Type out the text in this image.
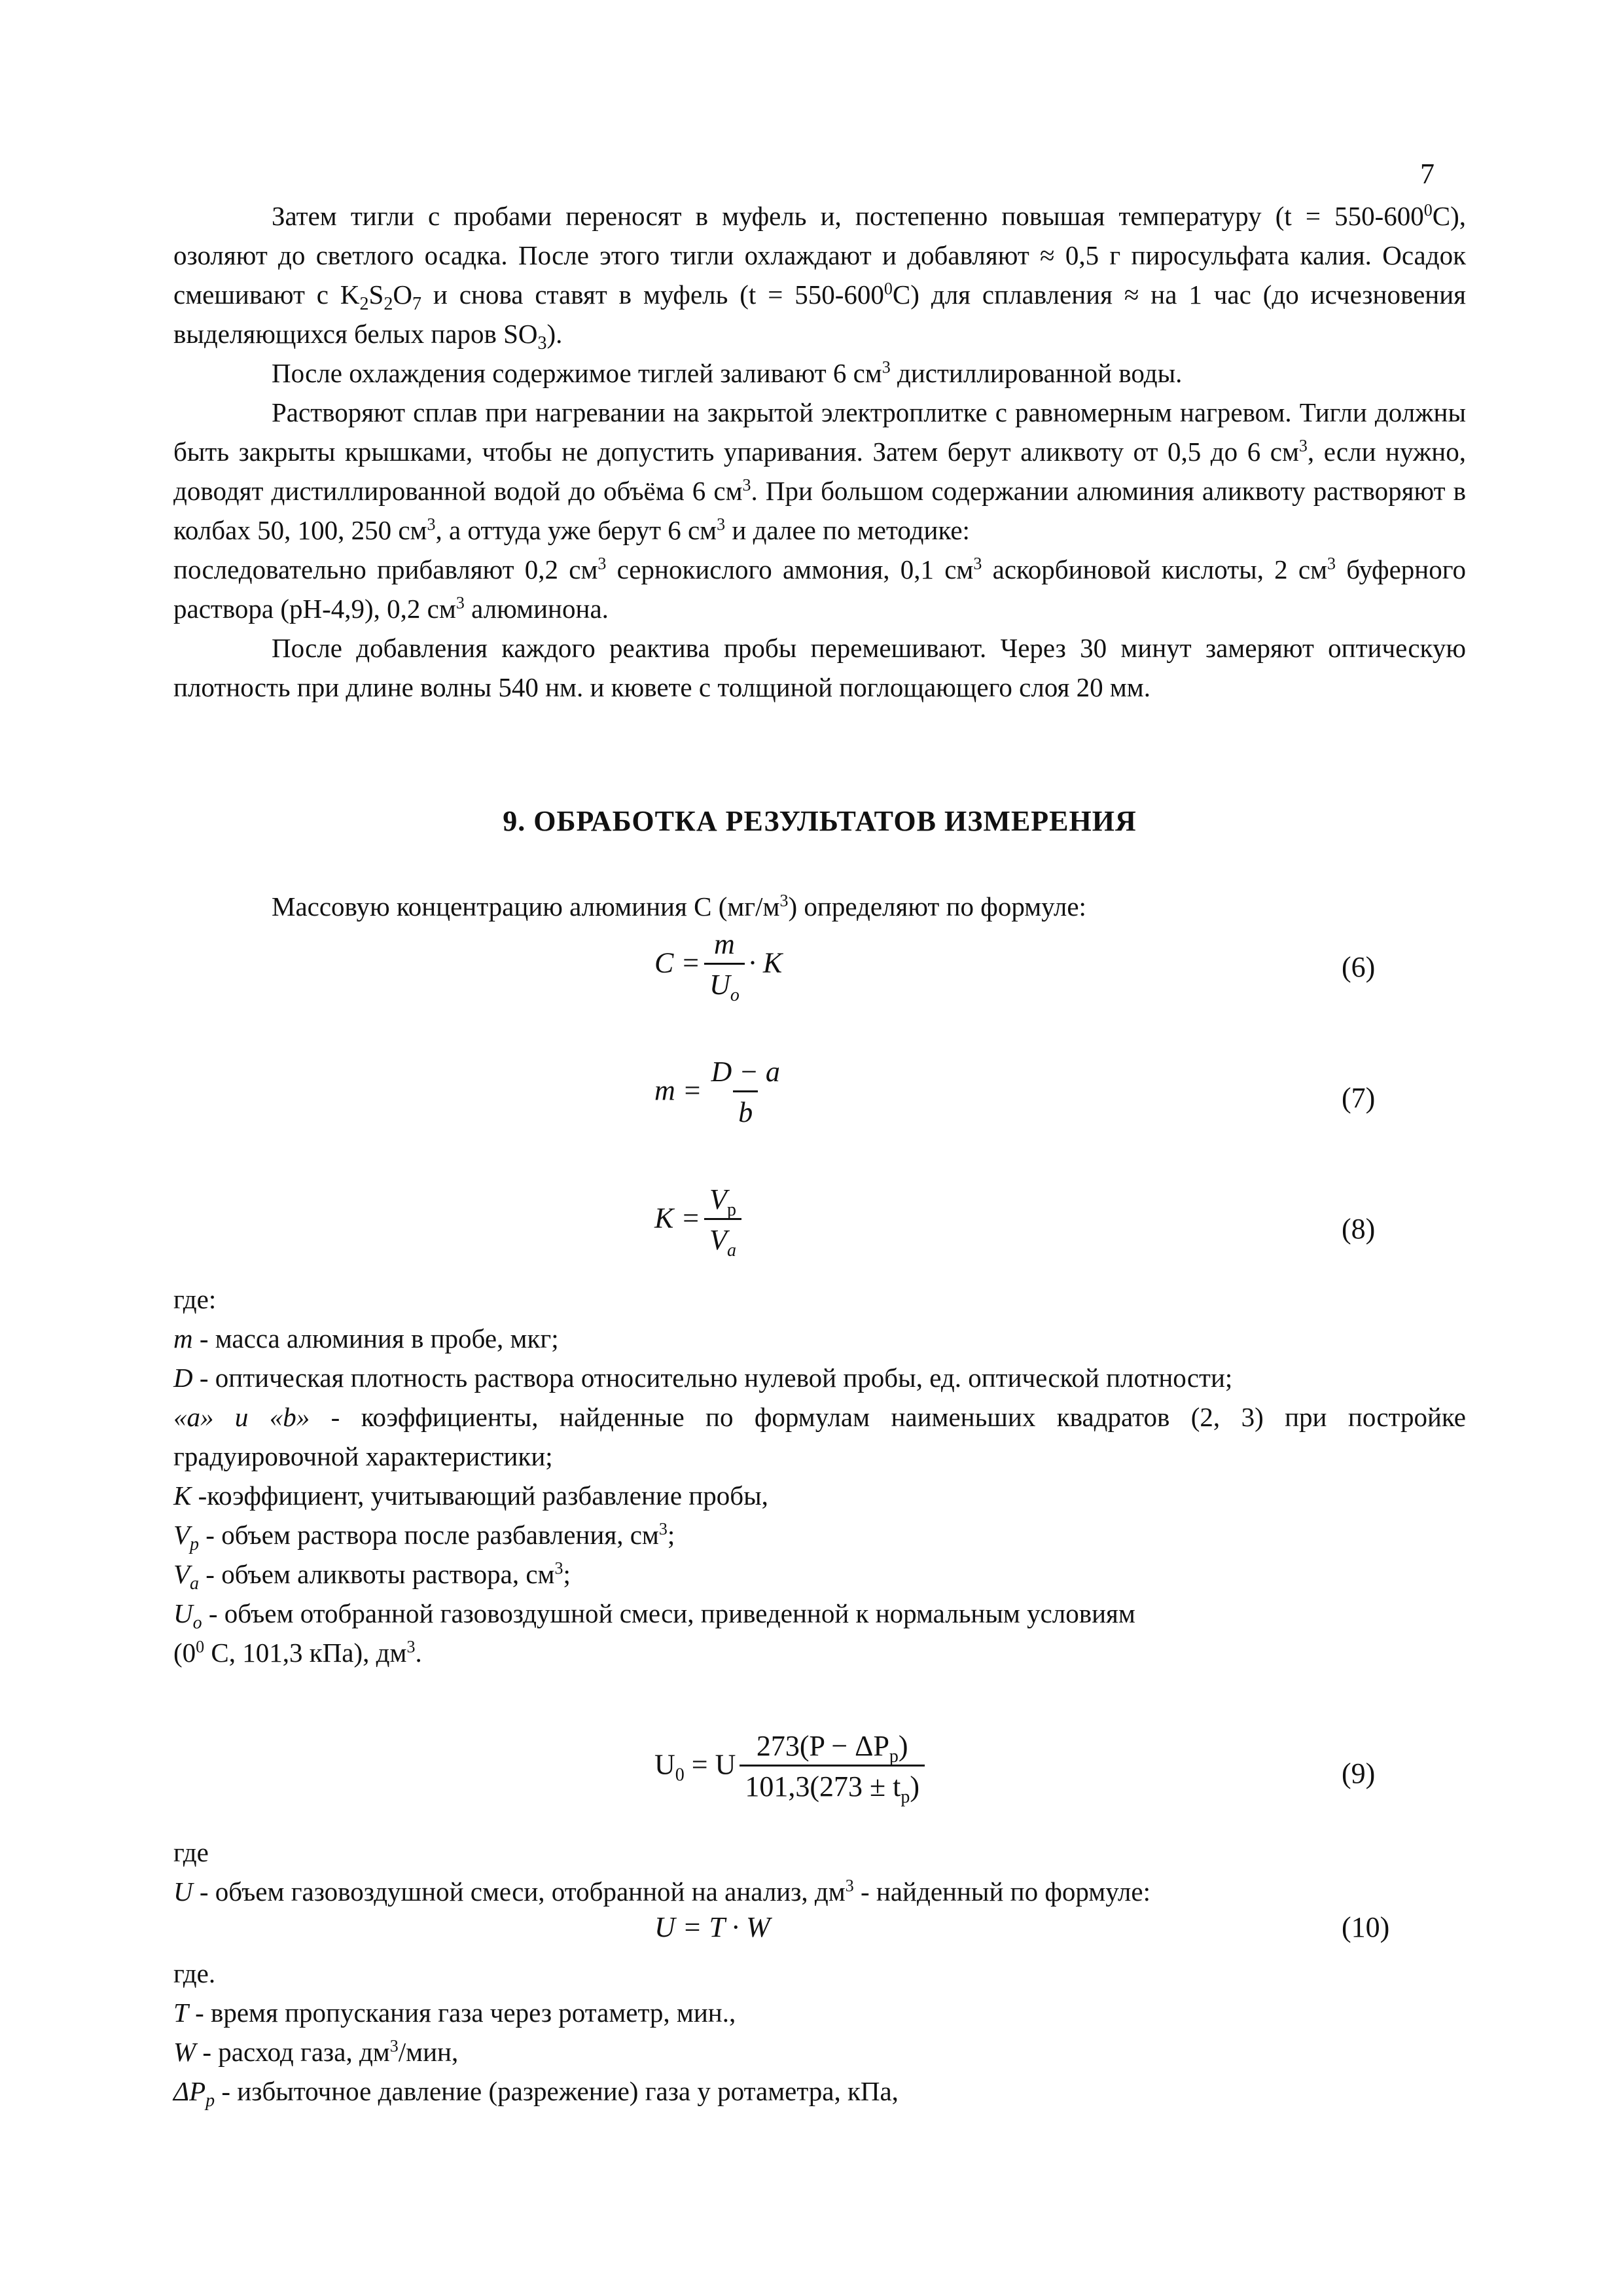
7

Затем тигли с пробами переносят в муфель и, постепенно повышая температуру $(t = 550-600^0C)$, озоляют до светлого осадка. После этого тигли охлаждают и добавляют ≈ 0,5 г пиросульфата калия. Осадок смешивают с $K_2S_2O_7$ и снова ставят в муфель $(t = 550-600^0C)$ для сплавления ≈ на 1 час (до исчезновения выделяющихся белых паров $SO_3$).

После охлаждения содержимое тиглей заливают 6 $см^3$ дистиллированной воды.

Растворяют сплав при нагревании на закрытой электроплитке с равномерным нагревом. Тигли должны быть закрыты крышками, чтобы не допустить упаривания. Затем берут аликвоту от 0,5 до 6 $см^3$, если нужно, доводят дистиллированной водой до объёма 6 $см^3$. При большом содержании алюминия аликвоту растворяют в колбах 50, 100, 250 $см^3$, а оттуда уже берут 6 $см^3$ и далее по методике:

последовательно прибавляют 0,2 $см^3$ сернокислого аммония, 0,1 $см^3$ аскорбиновой кислоты, 2 $см^3$ буферного раствора (рН-4,9), 0,2 $см^3$ алюминона.

После добавления каждого реактива пробы перемешивают. Через 30 минут замеряют оптическую плотность при длине волны 540 нм. и кювете с толщиной поглощающего слоя 20 мм.

9. ОБРАБОТКА РЕЗУЛЬТАТОВ ИЗМЕРЕНИЯ
Массовую концентрацию алюминия С $(мг/м^3)$ определяют по формуле:
$C = \frac{m}{U_o} \cdot K$	(6)
$m = \frac{D - a}{b}$	(7)
$K = \frac{V_p}{V_a}$	(8)

где:

m - масса алюминия в пробе, мкг;

D - оптическая плотность раствора относительно нулевой пробы, ед. оптической плотности;

«а» и «b» - коэффициенты, найденные по формулам наименьших квадратов (2, 3) при постройке градуировочной характеристики;

K -коэффициент, учитывающий разбавление пробы,

$V_p$ - объем раствора после разбавления, $см^3$;

$V_a$ - объем аликвоты раствора, $см^3$;

$U_o$ - объем отобранной газовоздушной смеси, приведенной к нормальным условиям

($0^0$ С, 101,3 кПа), $дм^3$.

$U_0 = U \frac{273(P - \Delta P_p)}{101,3(273 \pm t_p)}$	(9)

где

U - объем газовоздушной смеси, отобранной на анализ, $дм^3$ - найденный по формуле:

U = T · W	(10)

где.

T - время пропускания газа через ротаметр, мин.,

W - расход газа, $дм^3$/мин,

$\Delta P_p$ - избыточное давление (разрежение) газа у ротаметра, кПа,
